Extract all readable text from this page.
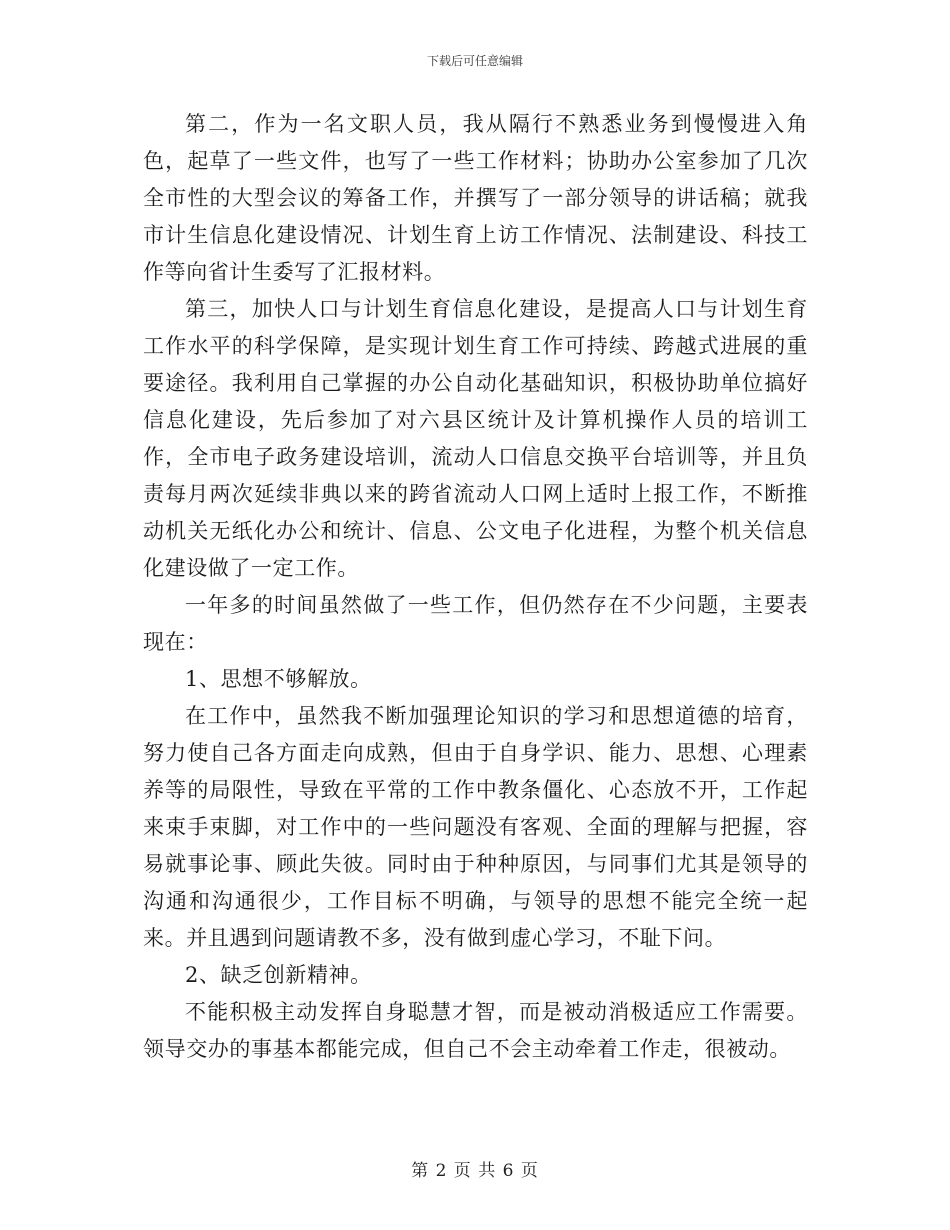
下载后可任意编辑

第二，作为一名文职人员，我从隔行不熟悉业务到慢慢进入角色，起草了一些文件，也写了一些工作材料；协助办公室参加了几次全市性的大型会议的筹备工作，并撰写了一部分领导的讲话稿；就我市计生信息化建设情况、计划生育上访工作情况、法制建设、科技工作等向省计生委写了汇报材料。

第三，加快人口与计划生育信息化建设，是提高人口与计划生育工作水平的科学保障，是实现计划生育工作可持续、跨越式进展的重要途径。我利用自己掌握的办公自动化基础知识，积极协助单位搞好信息化建设，先后参加了对六县区统计及计算机操作人员的培训工作，全市电子政务建设培训，流动人口信息交换平台培训等，并且负责每月两次延续非典以来的跨省流动人口网上适时上报工作，不断推动机关无纸化办公和统计、信息、公文电子化进程，为整个机关信息化建设做了一定工作。

一年多的时间虽然做了一些工作，但仍然存在不少问题，主要表现在：

1、思想不够解放。

在工作中，虽然我不断加强理论知识的学习和思想道德的培育，努力使自己各方面走向成熟，但由于自身学识、能力、思想、心理素养等的局限性，导致在平常的工作中教条僵化、心态放不开，工作起来束手束脚，对工作中的一些问题没有客观、全面的理解与把握，容易就事论事、顾此失彼。同时由于种种原因，与同事们尤其是领导的沟通和沟通很少，工作目标不明确，与领导的思想不能完全统一起来。并且遇到问题请教不多，没有做到虚心学习，不耻下问。

2、缺乏创新精神。

不能积极主动发挥自身聪慧才智，而是被动消极适应工作需要。领导交办的事基本都能完成，但自己不会主动牵着工作走，很被动。

第 2 页 共 6 页
